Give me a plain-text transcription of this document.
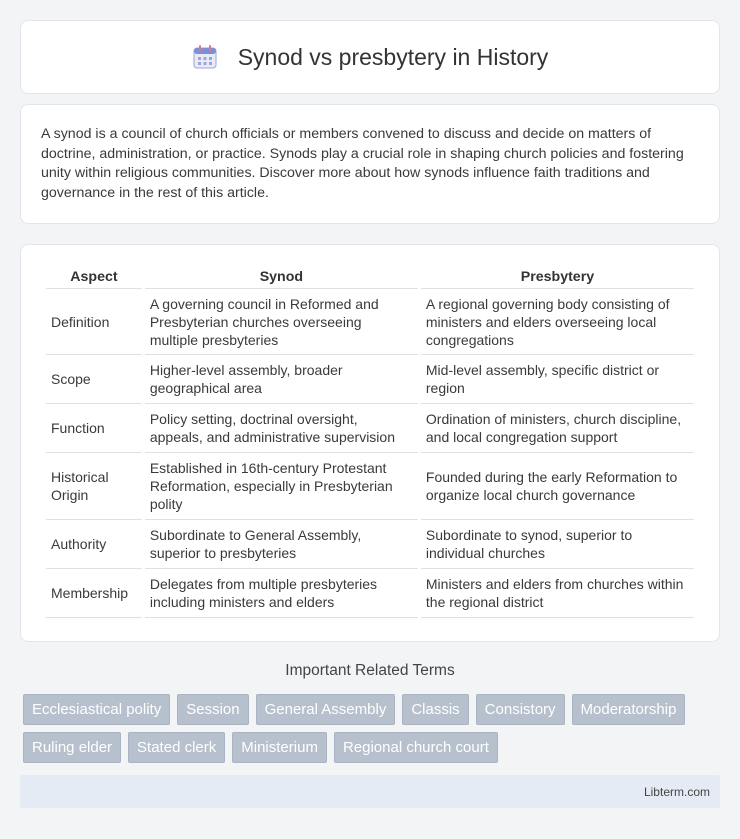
Synod vs presbytery in History

A synod is a council of church officials or members convened to discuss and decide on matters of doctrine, administration, or practice. Synods play a crucial role in shaping church policies and fostering unity within religious communities. Discover more about how synods influence faith traditions and governance in the rest of this article.

Aspect	Synod	Presbytery
Definition	A governing council in Reformed and Presbyterian churches overseeing multiple presbyteries	A regional governing body consisting of ministers and elders overseeing local congregations
Scope	Higher-level assembly, broader geographical area	Mid-level assembly, specific district or region
Function	Policy setting, doctrinal oversight, appeals, and administrative supervision	Ordination of ministers, church discipline, and local congregation support
Historical Origin	Established in 16th-century Protestant Reformation, especially in Presbyterian polity	Founded during the early Reformation to organize local church governance
Authority	Subordinate to General Assembly, superior to presbyteries	Subordinate to synod, superior to individual churches
Membership	Delegates from multiple presbyteries including ministers and elders	Ministers and elders from churches within the regional district
Important Related Terms
Ecclesiastical polity	Session	General Assembly	Classis	Consistory	Moderatorship
Ruling elder	Stated clerk	Ministerium	Regional church court
Libterm.com
